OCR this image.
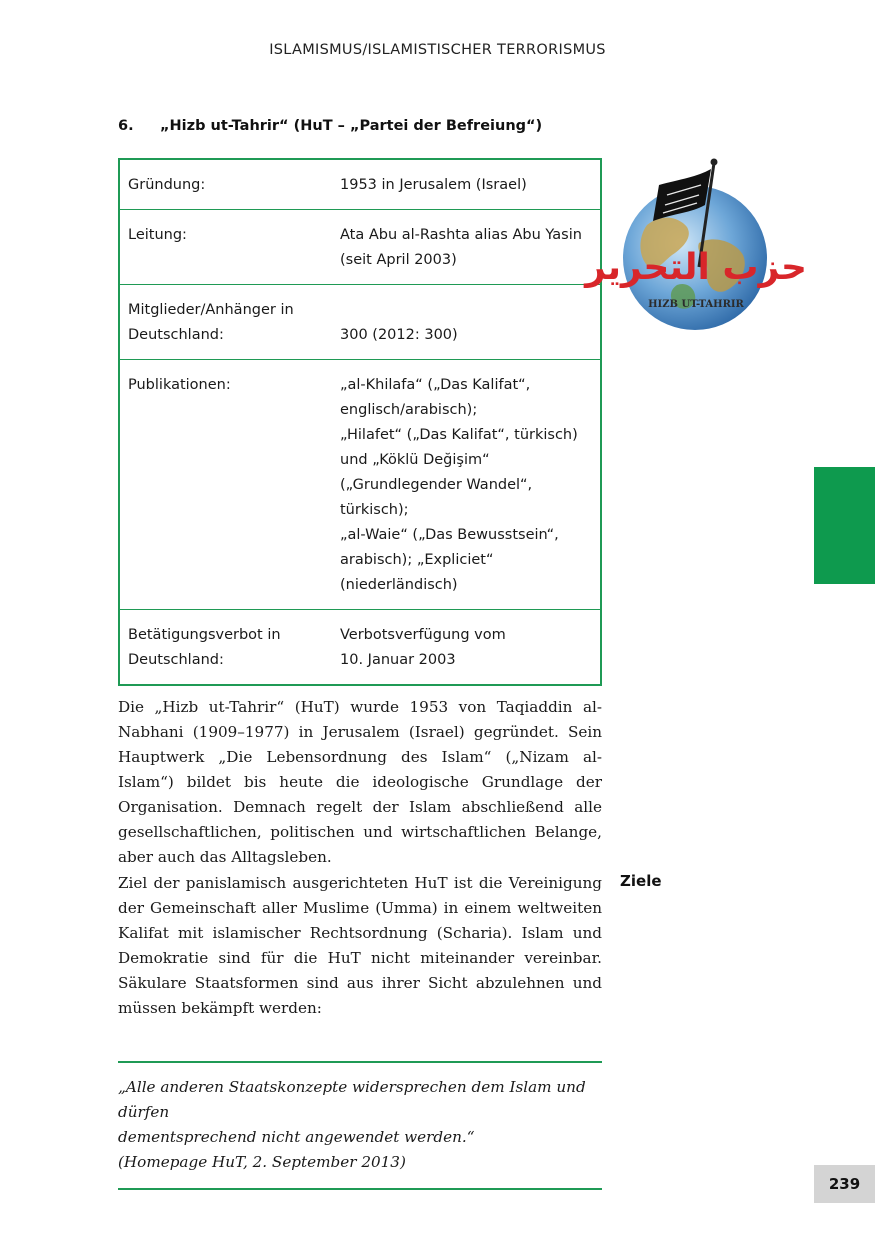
ISLAMISMUS/ISLAMISTISCHER TERRORISMUS
6. „Hizb ut-Tahrir“ (HuT – „Partei der Befreiung“)
Gründung:	1953 in Jerusalem (Israel)
Leitung:	Ata Abu al-Rashta alias Abu Yasin
(seit April 2003)
Mitglieder/Anhänger in
Deutschland:	300 (2012: 300)
Publikationen:	„al-Khilafa“ („Das Kalifat“,
englisch/arabisch);
„Hilafet“ („Das Kalifat“, türkisch)
und „Köklü Değişim“
(„Grundlegender Wandel“, türkisch);
„al-Waie“ („Das Bewusstsein“,
arabisch); „Expliciet“
(niederländisch)
Betätigungsverbot in
Deutschland:
Verbotsverfügung vom
10. Januar 2003
حزب التحرير
HIZB UT-TAHRIR
Die „Hizb ut-Tahrir“ (HuT) wurde 1953 von Taqiaddin al-Nabhani (1909–1977) in Jerusalem (Israel) gegründet. Sein Hauptwerk „Die Lebensordnung des Islam“ („Nizam al-Islam“) bildet bis heute die ideologische Grundlage der Organisation. Demnach regelt der Islam abschließend alle gesellschaftlichen, politischen und wirtschaftlichen Belange, aber auch das Alltagsleben.
Ziel der panislamisch ausgerichteten HuT ist die Vereinigung der Gemeinschaft aller Muslime (Umma) in einem weltweiten Kalifat mit islamischer Rechtsordnung (Scharia). Islam und Demokratie sind für die HuT nicht miteinander vereinbar. Säkulare Staatsformen sind aus ihrer Sicht abzulehnen und müssen bekämpft werden:
Ziele
„Alle anderen Staatskonzepte widersprechen dem Islam und dürfen
dementsprechend nicht angewendet werden.“
(Homepage HuT, 2. September 2013)
239
